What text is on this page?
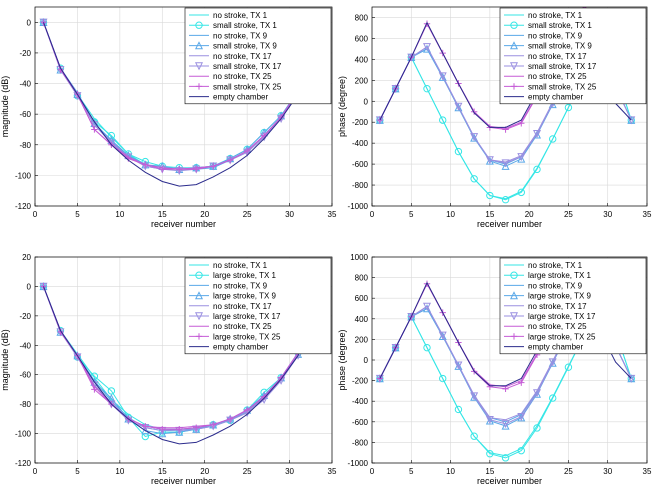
0	5	10	15	20	25	30	35
-120
-100
-80
-60
-40
-20
0
receiver number
magnitude (dB)
no stroke, TX 1
small stroke, TX 1
no stroke, TX 9
small stroke, TX 9
no stroke, TX 17
small stroke, TX 17
no stroke, TX 25
small stroke, TX 25
empty chamber
0	5	10	15	20	25	30	35
-1000
-800
-600
-400
-200
0
200
400
600
800
receiver number
phase (degree)
no stroke, TX 1
small stroke, TX 1
no stroke, TX 9
small stroke, TX 9
no stroke, TX 17
small stroke, TX 17
no stroke, TX 25
small stroke, TX 25
empty chamber
0	5	10	15	20	25	30	35
-120
-100
-80
-60
-40
-20
0
20
receiver number
magnitude (dB)
no stroke, TX 1
large stroke, TX 1
no stroke, TX 9
large stroke, TX 9
no stroke, TX 17
large stroke, TX 17
no stroke, TX 25
large stroke, TX 25
empty chamber
0	5	10	15	20	25	30	35
-1000
-800
-600
-400
-200
0
200
400
600
800
1000
receiver number
phase (degree)
no stroke, TX 1
large stroke, TX 1
no stroke, TX 9
large stroke, TX 9
no stroke, TX 17
large stroke, TX 17
no stroke, TX 25
large stroke, TX 25
empty chamber
